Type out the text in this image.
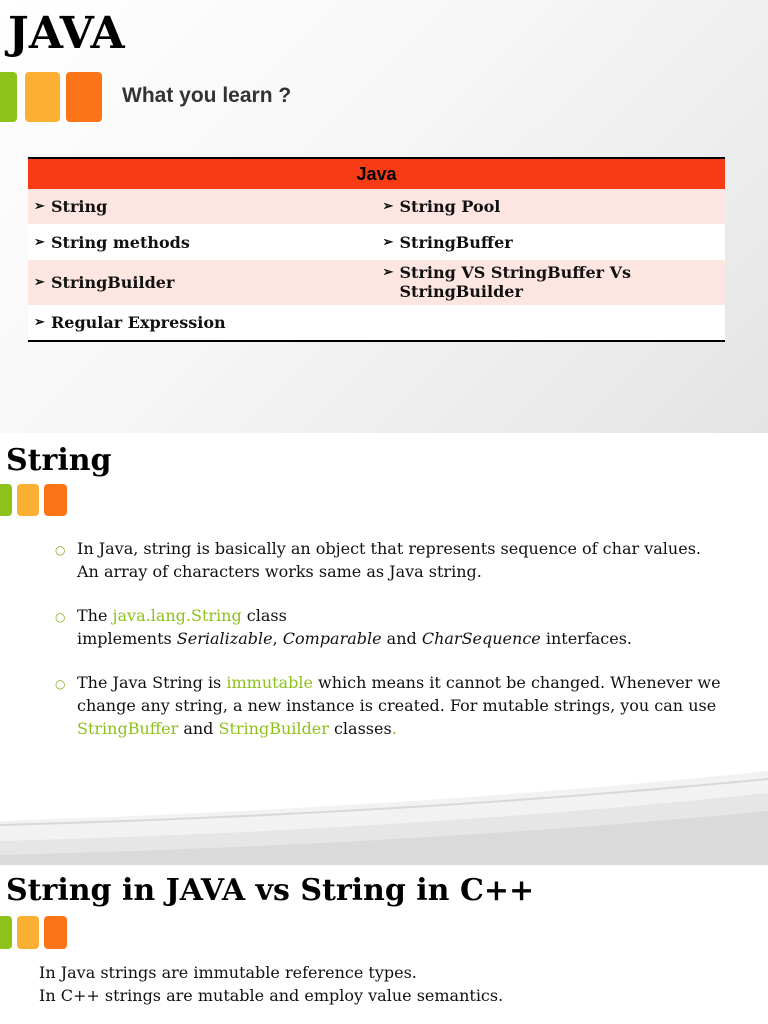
JAVA
What you learn ?
Java
➢ String	➢ String Pool
➢ String methods	➢ StringBuffer
➢ StringBuilder
➢ String VS StringBuffer Vs StringBuilder
➢ Regular Expression
String
○ In Java, string is basically an object that represents sequence of char values.
An array of characters works same as Java string.
○ The java.lang.String class
implements Serializable, Comparable and CharSequence interfaces.
○ The Java String is immutable which means it cannot be changed. Whenever we change any string, a new instance is created. For mutable strings, you can use StringBuffer and StringBuilder classes.
String in JAVA vs String in C++
In Java strings are immutable reference types.
In C++ strings are mutable and employ value semantics.
